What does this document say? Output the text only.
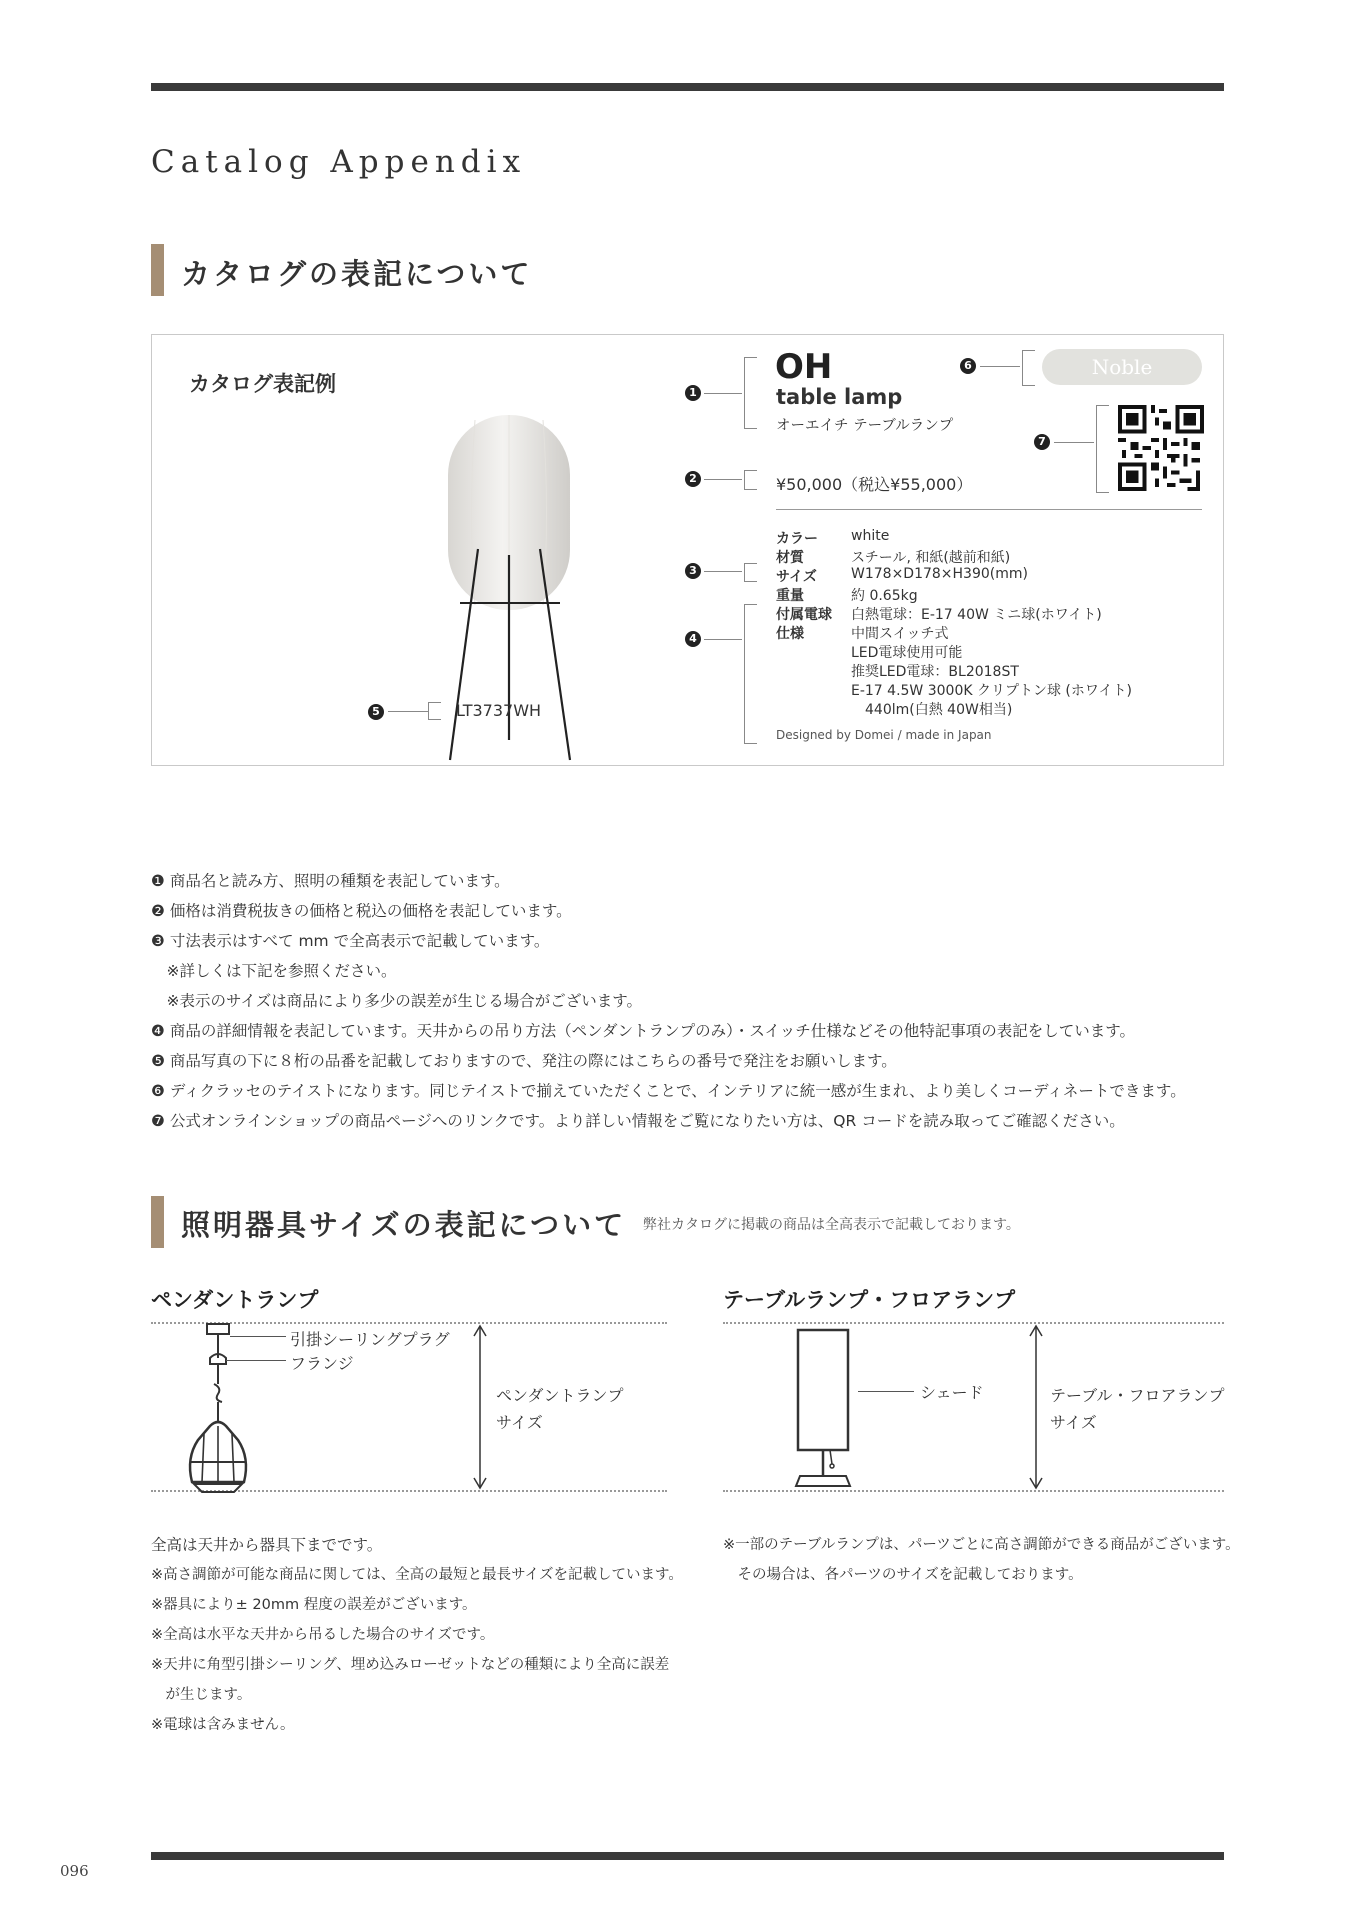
Catalog Appendix
カタログの表記について
カタログ表記例
5	LT3737WH
1
2
3
4
6	Noble
7
OH
table lamp
オーエイチ テーブルランプ
¥50,000（税込¥55,000）
カラー white
材質	スチール, 和紙(越前和紙)
サイズ W178×D178×H390(mm)
重量	約 0.65kg
付属電球 白熱電球：E-17 40W ミニ球(ホワイト)
仕様	中間スイッチ式
LED電球使用可能
推奨LED電球：BL2018ST
E-17 4.5W 3000K クリプトン球 (ホワイト)
　440lm(白熱 40W相当)
Designed by Domei / made in Japan
❶ 商品名と読み方、照明の種類を表記しています。
❷ 価格は消費税抜きの価格と税込の価格を表記しています。
❸ 寸法表示はすべて mm で全高表示で記載しています。
　※詳しくは下記を参照ください。
　※表示のサイズは商品により多少の誤差が生じる場合がございます。
❹ 商品の詳細情報を表記しています。天井からの吊り方法（ペンダントランプのみ）・スイッチ仕様などその他特記事項の表記をしています。
❺ 商品写真の下に８桁の品番を記載しておりますので、発注の際にはこちらの番号で発注をお願いします。
❻ ディクラッセのテイストになります。同じテイストで揃えていただくことで、インテリアに統一感が生まれ、より美しくコーディネートできます。
❼ 公式オンラインショップの商品ページへのリンクです。より詳しい情報をご覧になりたい方は、QR コードを読み取ってご確認ください。
照明器具サイズの表記について 弊社カタログに掲載の商品は全高表示で記載しております。
ペンダントランプ
引掛シーリングプラグ
フランジ
ペンダントランプ
サイズ
全高は天井から器具下までです。
※高さ調節が可能な商品に関しては、全高の最短と最長サイズを記載しています。
※器具により± 20mm 程度の誤差がございます。
※全高は水平な天井から吊るした場合のサイズです。
※天井に角型引掛シーリング、埋め込みローゼットなどの種類により全高に誤差
　が生じます。
※電球は含みません。
テーブルランプ・フロアランプ
シェード	テーブル・フロアランプ
サイズ
※一部のテーブルランプは、パーツごとに高さ調節ができる商品がございます。
　その場合は、各パーツのサイズを記載しております。
096
